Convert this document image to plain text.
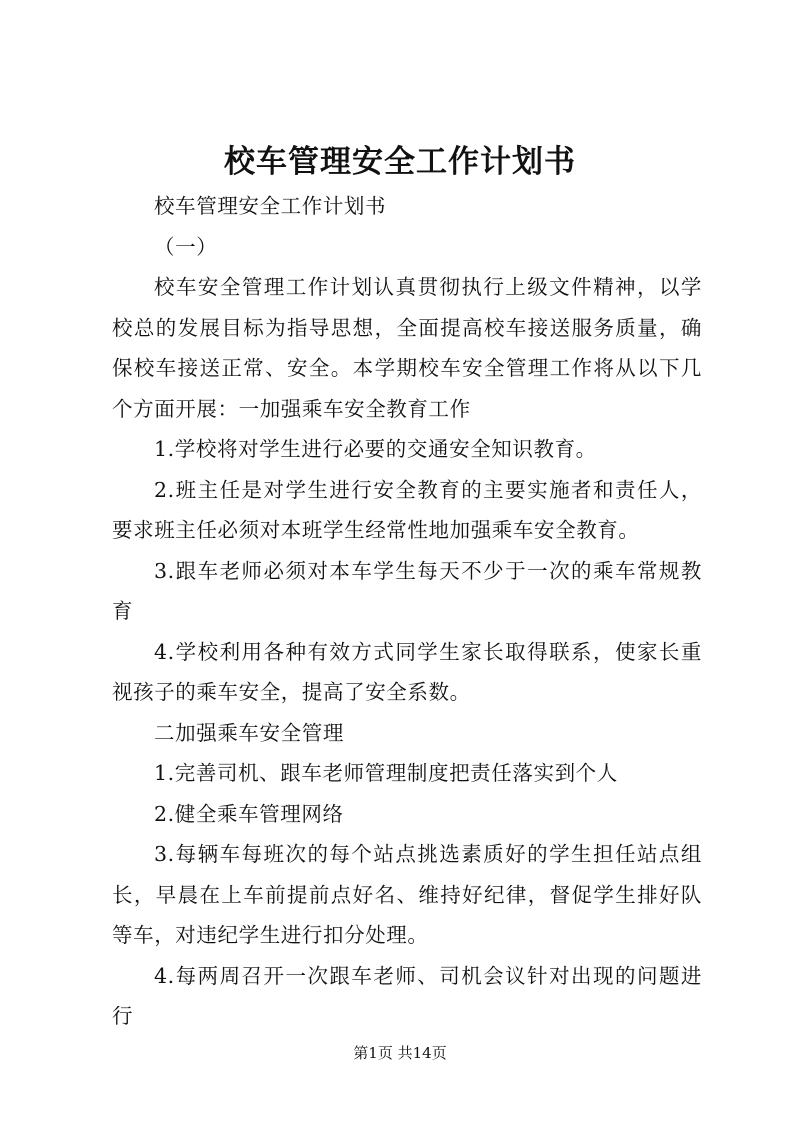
校车管理安全工作计划书

校车管理安全工作计划书

（一）

校车安全管理工作计划认真贯彻执行上级文件精神，以学校总的发展目标为指导思想，全面提高校车接送服务质量，确保校车接送正常、安全。本学期校车安全管理工作将从以下几个方面开展：一加强乘车安全教育工作

1.学校将对学生进行必要的交通安全知识教育。

2.班主任是对学生进行安全教育的主要实施者和责任人，要求班主任必须对本班学生经常性地加强乘车安全教育。

3.跟车老师必须对本车学生每天不少于一次的乘车常规教育

4.学校利用各种有效方式同学生家长取得联系，使家长重视孩子的乘车安全，提高了安全系数。

二加强乘车安全管理

1.完善司机、跟车老师管理制度把责任落实到个人

2.健全乘车管理网络

3.每辆车每班次的每个站点挑选素质好的学生担任站点组长，早晨在上车前提前点好名、维持好纪律，督促学生排好队等车，对违纪学生进行扣分处理。

4.每两周召开一次跟车老师、司机会议针对出现的问题进行

第1页 共14页
